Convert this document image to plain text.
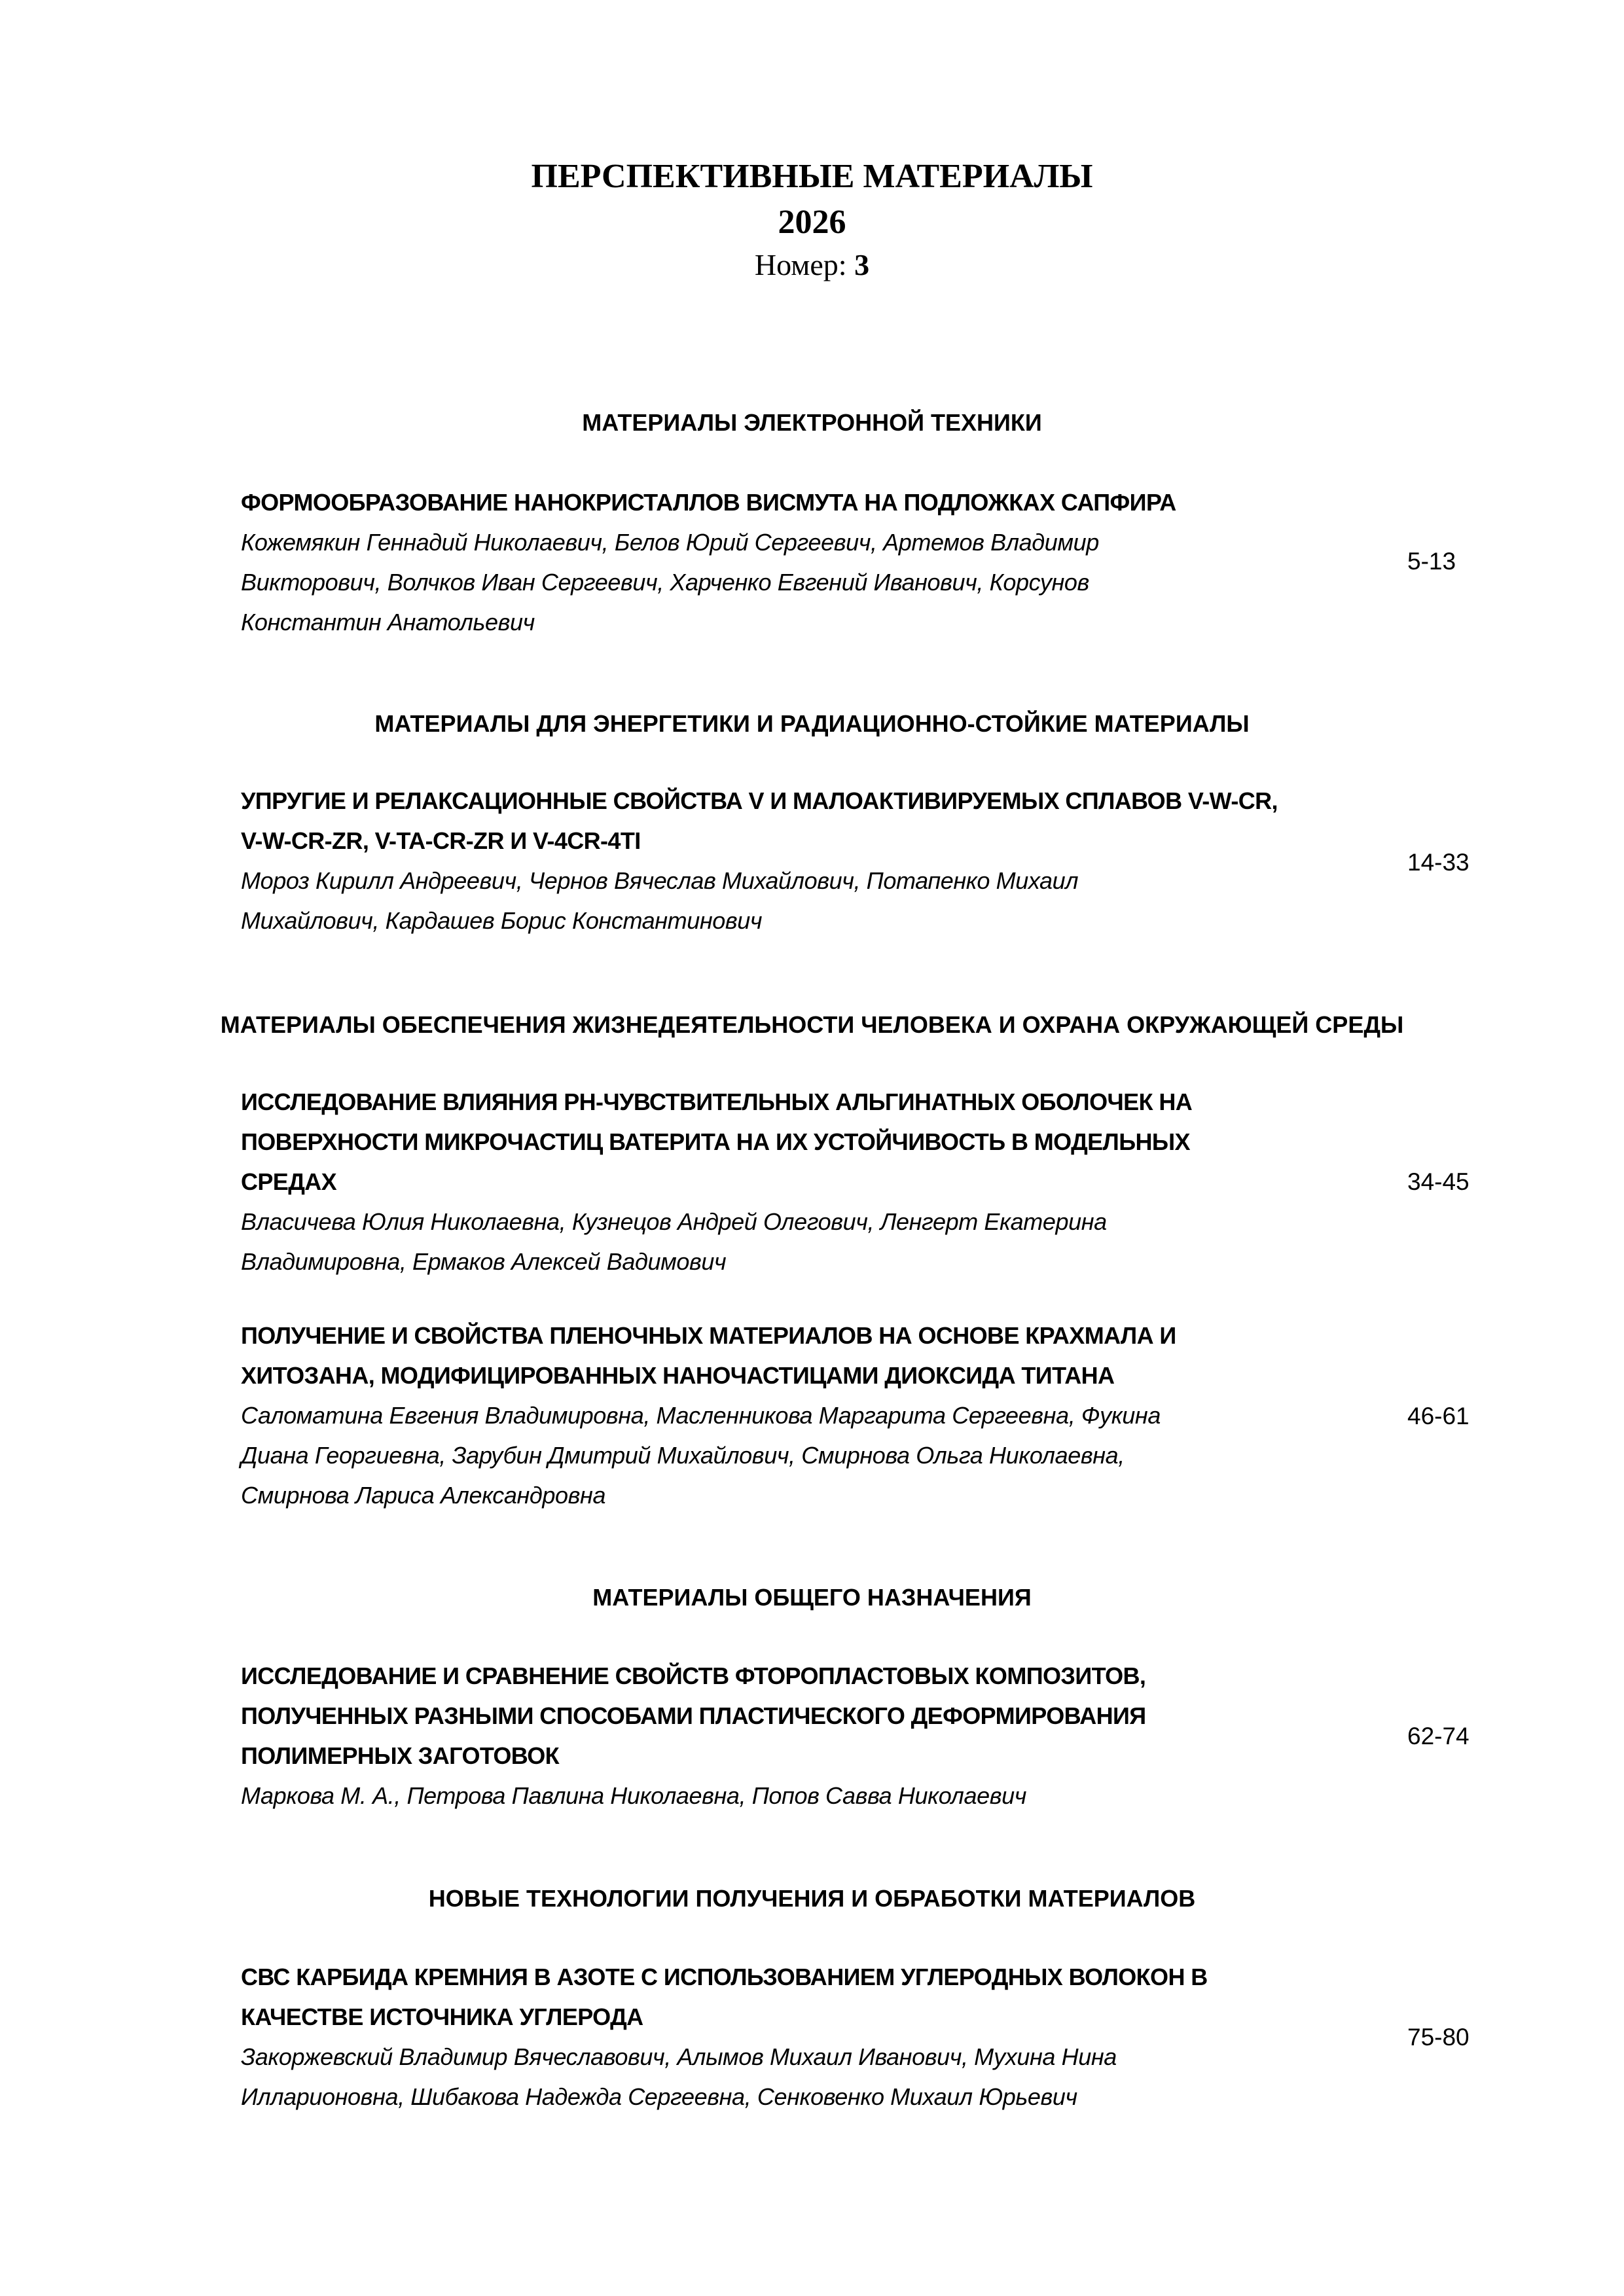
ПЕРСПЕКТИВНЫЕ МАТЕРИАЛЫ
2026
Номер: 3
МАТЕРИАЛЫ ЭЛЕКТРОННОЙ ТЕХНИКИ
ФОРМООБРАЗОВАНИЕ НАНОКРИСТАЛЛОВ ВИСМУТА НА ПОДЛОЖКАХ САПФИРА
Кожемякин Геннадий Николаевич, Белов Юрий Сергеевич, Артемов Владимир
Викторович, Волчков Иван Сергеевич, Харченко Евгений Иванович, Корсунов
Константин Анатольевич
5-13
МАТЕРИАЛЫ ДЛЯ ЭНЕРГЕТИКИ И РАДИАЦИОННО-СТОЙКИЕ МАТЕРИАЛЫ
УПРУГИЕ И РЕЛАКСАЦИОННЫЕ СВОЙСТВА V И МАЛОАКТИВИРУЕМЫХ СПЛАВОВ V-W-CR,
V-W-CR-ZR, V-TA-CR-ZR И V-4CR-4TI
Мороз Кирилл Андреевич, Чернов Вячеслав Михайлович, Потапенко Михаил
Михайлович, Кардашев Борис Константинович
14-33
МАТЕРИАЛЫ ОБЕСПЕЧЕНИЯ ЖИЗНЕДЕЯТЕЛЬНОСТИ ЧЕЛОВЕКА И ОХРАНА ОКРУЖАЮЩЕЙ СРЕДЫ
ИССЛЕДОВАНИЕ ВЛИЯНИЯ PH-ЧУВСТВИТЕЛЬНЫХ АЛЬГИНАТНЫХ ОБОЛОЧЕК НА
ПОВЕРХНОСТИ МИКРОЧАСТИЦ ВАТЕРИТА НА ИХ УСТОЙЧИВОСТЬ В МОДЕЛЬНЫХ
СРЕДАХ
Власичева Юлия Николаевна, Кузнецов Андрей Олегович, Ленгерт Екатерина
Владимировна, Ермаков Алексей Вадимович
34-45
ПОЛУЧЕНИЕ И СВОЙСТВА ПЛЕНОЧНЫХ МАТЕРИАЛОВ НА ОСНОВЕ КРАХМАЛА И
ХИТОЗАНА, МОДИФИЦИРОВАННЫХ НАНОЧАСТИЦАМИ ДИОКСИДА ТИТАНА
Саломатина Евгения Владимировна, Масленникова Маргарита Сергеевна, Фукина
Диана Георгиевна, Зарубин Дмитрий Михайлович, Смирнова Ольга Николаевна,
Смирнова Лариса Александровна
46-61
МАТЕРИАЛЫ ОБЩЕГО НАЗНАЧЕНИЯ
ИССЛЕДОВАНИЕ И СРАВНЕНИЕ СВОЙСТВ ФТОРОПЛАСТОВЫХ КОМПОЗИТОВ,
ПОЛУЧЕННЫХ РАЗНЫМИ СПОСОБАМИ ПЛАСТИЧЕСКОГО ДЕФОРМИРОВАНИЯ
ПОЛИМЕРНЫХ ЗАГОТОВОК
Маркова М. А., Петрова Павлина Николаевна, Попов Савва Николаевич
62-74
НОВЫЕ ТЕХНОЛОГИИ ПОЛУЧЕНИЯ И ОБРАБОТКИ МАТЕРИАЛОВ
СВС КАРБИДА КРЕМНИЯ В АЗОТЕ С ИСПОЛЬЗОВАНИЕМ УГЛЕРОДНЫХ ВОЛОКОН В
КАЧЕСТВЕ ИСТОЧНИКА УГЛЕРОДА
Закоржевский Владимир Вячеславович, Алымов Михаил Иванович, Мухина Нина
Илларионовна, Шибакова Надежда Сергеевна, Сенковенко Михаил Юрьевич
75-80
